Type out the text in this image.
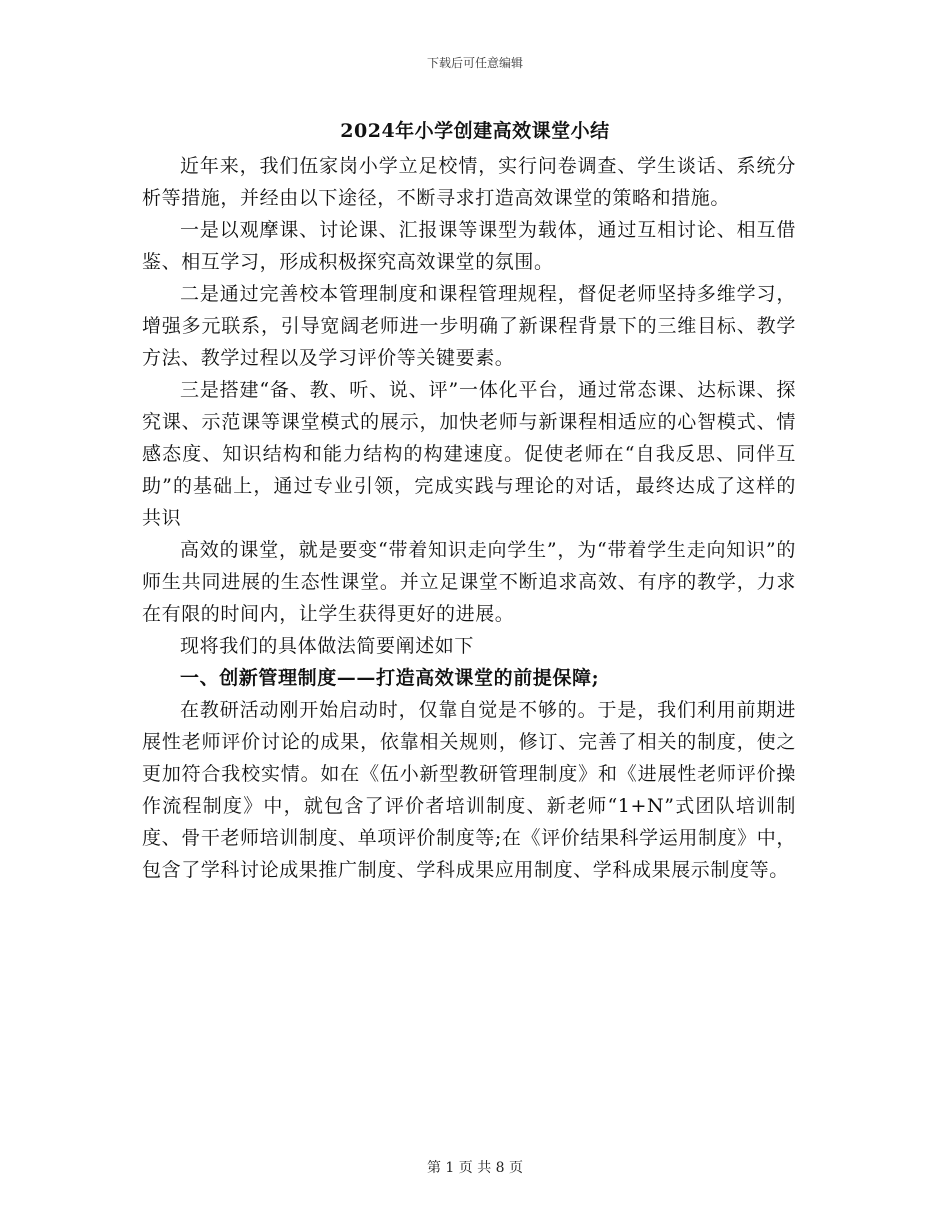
下载后可任意编辑
2024年小学创建高效课堂小结

近年来，我们伍家岗小学立足校情，实行问卷调查、学生谈话、系统分析等措施，并经由以下途径，不断寻求打造高效课堂的策略和措施。

一是以观摩课、讨论课、汇报课等课型为载体，通过互相讨论、相互借鉴、相互学习，形成积极探究高效课堂的氛围。

二是通过完善校本管理制度和课程管理规程，督促老师坚持多维学习，增强多元联系，引导宽阔老师进一步明确了新课程背景下的三维目标、教学方法、教学过程以及学习评价等关键要素。

三是搭建“备、教、听、说、评”一体化平台，通过常态课、达标课、探究课、示范课等课堂模式的展示，加快老师与新课程相适应的心智模式、情感态度、知识结构和能力结构的构建速度。促使老师在“自我反思、同伴互助”的基础上，通过专业引领，完成实践与理论的对话，最终达成了这样的共识

高效的课堂，就是要变“带着知识走向学生”，为“带着学生走向知识”的师生共同进展的生态性课堂。并立足课堂不断追求高效、有序的教学，力求在有限的时间内，让学生获得更好的进展。

现将我们的具体做法简要阐述如下

一、创新管理制度——打造高效课堂的前提保障;

在教研活动刚开始启动时，仅靠自觉是不够的。于是，我们利用前期进展性老师评价讨论的成果，依靠相关规则，修订、完善了相关的制度，使之更加符合我校实情。如在《伍小新型教研管理制度》和《进展性老师评价操作流程制度》中，就包含了评价者培训制度、新老师“1+N”式团队培训制度、骨干老师培训制度、单项评价制度等;在《评价结果科学运用制度》中，包含了学科讨论成果推广制度、学科成果应用制度、学科成果展示制度等。

第 1 页 共 8 页
